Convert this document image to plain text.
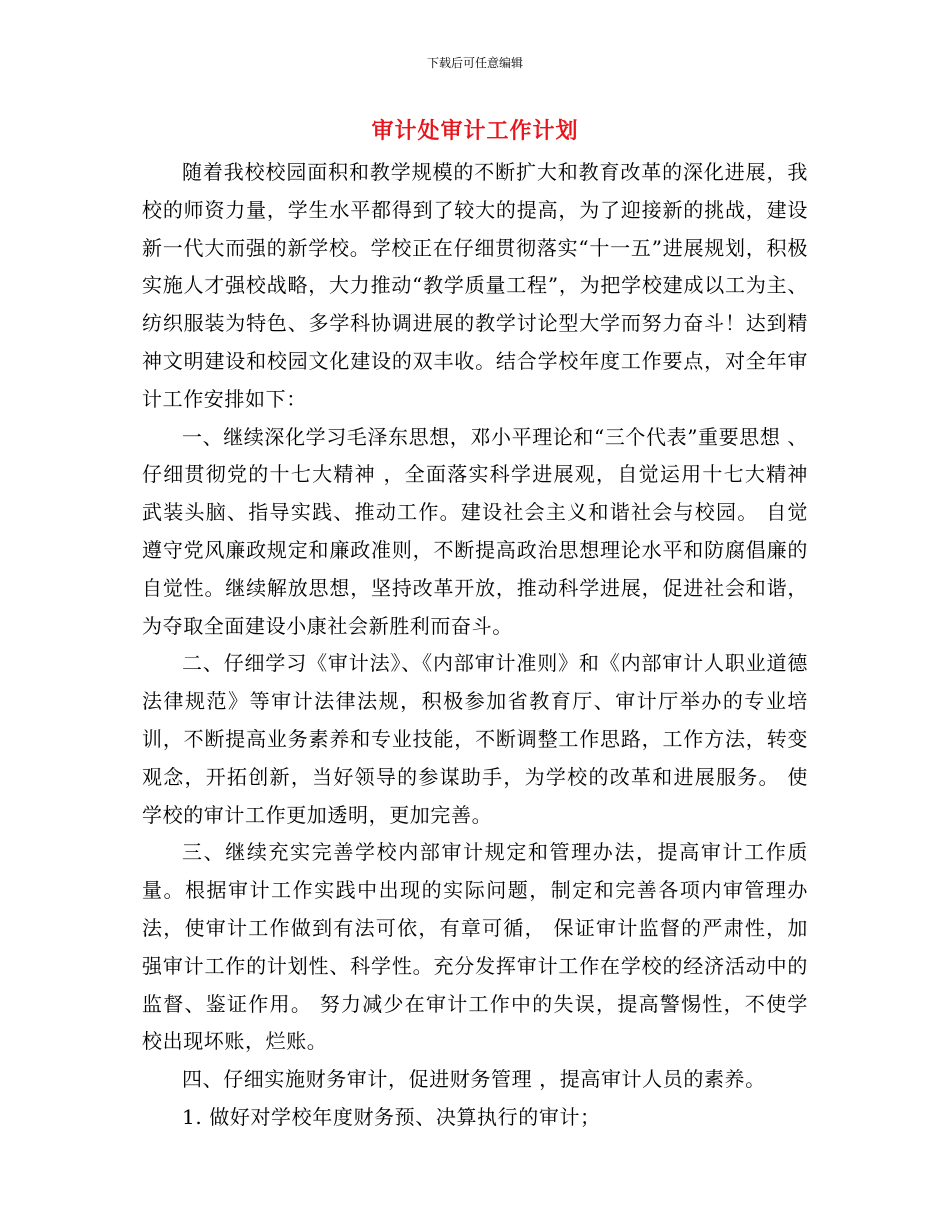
下载后可任意编辑
审计处审计工作计划

随着我校校园面积和教学规模的不断扩大和教育改革的深化进展，我校的师资力量，学生水平都得到了较大的提高，为了迎接新的挑战，建设新一代大而强的新学校。学校正在仔细贯彻落实“十一五”进展规划，积极实施人才强校战略，大力推动“教学质量工程”，为把学校建成以工为主、纺织服装为特色、多学科协调进展的教学讨论型大学而努力奋斗！达到精神文明建设和校园文化建设的双丰收。结合学校年度工作要点，对全年审计工作安排如下：

一、继续深化学习毛泽东思想，邓小平理论和“三个代表”重要思想 、仔细贯彻党的十七大精神 ，全面落实科学进展观，自觉运用十七大精神武装头脑、指导实践、推动工作。建设社会主义和谐社会与校园。 自觉遵守党风廉政规定和廉政准则，不断提高政治思想理论水平和防腐倡廉的自觉性。继续解放思想，坚持改革开放，推动科学进展，促进社会和谐，为夺取全面建设小康社会新胜利而奋斗。

二、仔细学习《审计法》、《内部审计准则》和《内部审计人职业道德法律规范》等审计法律法规，积极参加省教育厅、审计厅举办的专业培训，不断提高业务素养和专业技能，不断调整工作思路，工作方法，转变观念，开拓创新，当好领导的参谋助手，为学校的改革和进展服务。 使学校的审计工作更加透明，更加完善。

三、继续充实完善学校内部审计规定和管理办法，提高审计工作质量。根据审计工作实践中出现的实际问题，制定和完善各项内审管理办法，使审计工作做到有法可依，有章可循， 保证审计监督的严肃性，加强审计工作的计划性、科学性。充分发挥审计工作在学校的经济活动中的监督、鉴证作用。 努力减少在审计工作中的失误，提高警惕性，不使学校出现坏账，烂账。

四、仔细实施财务审计，促进财务管理 ，提高审计人员的素养。

1. 做好对学校年度财务预、决算执行的审计；
